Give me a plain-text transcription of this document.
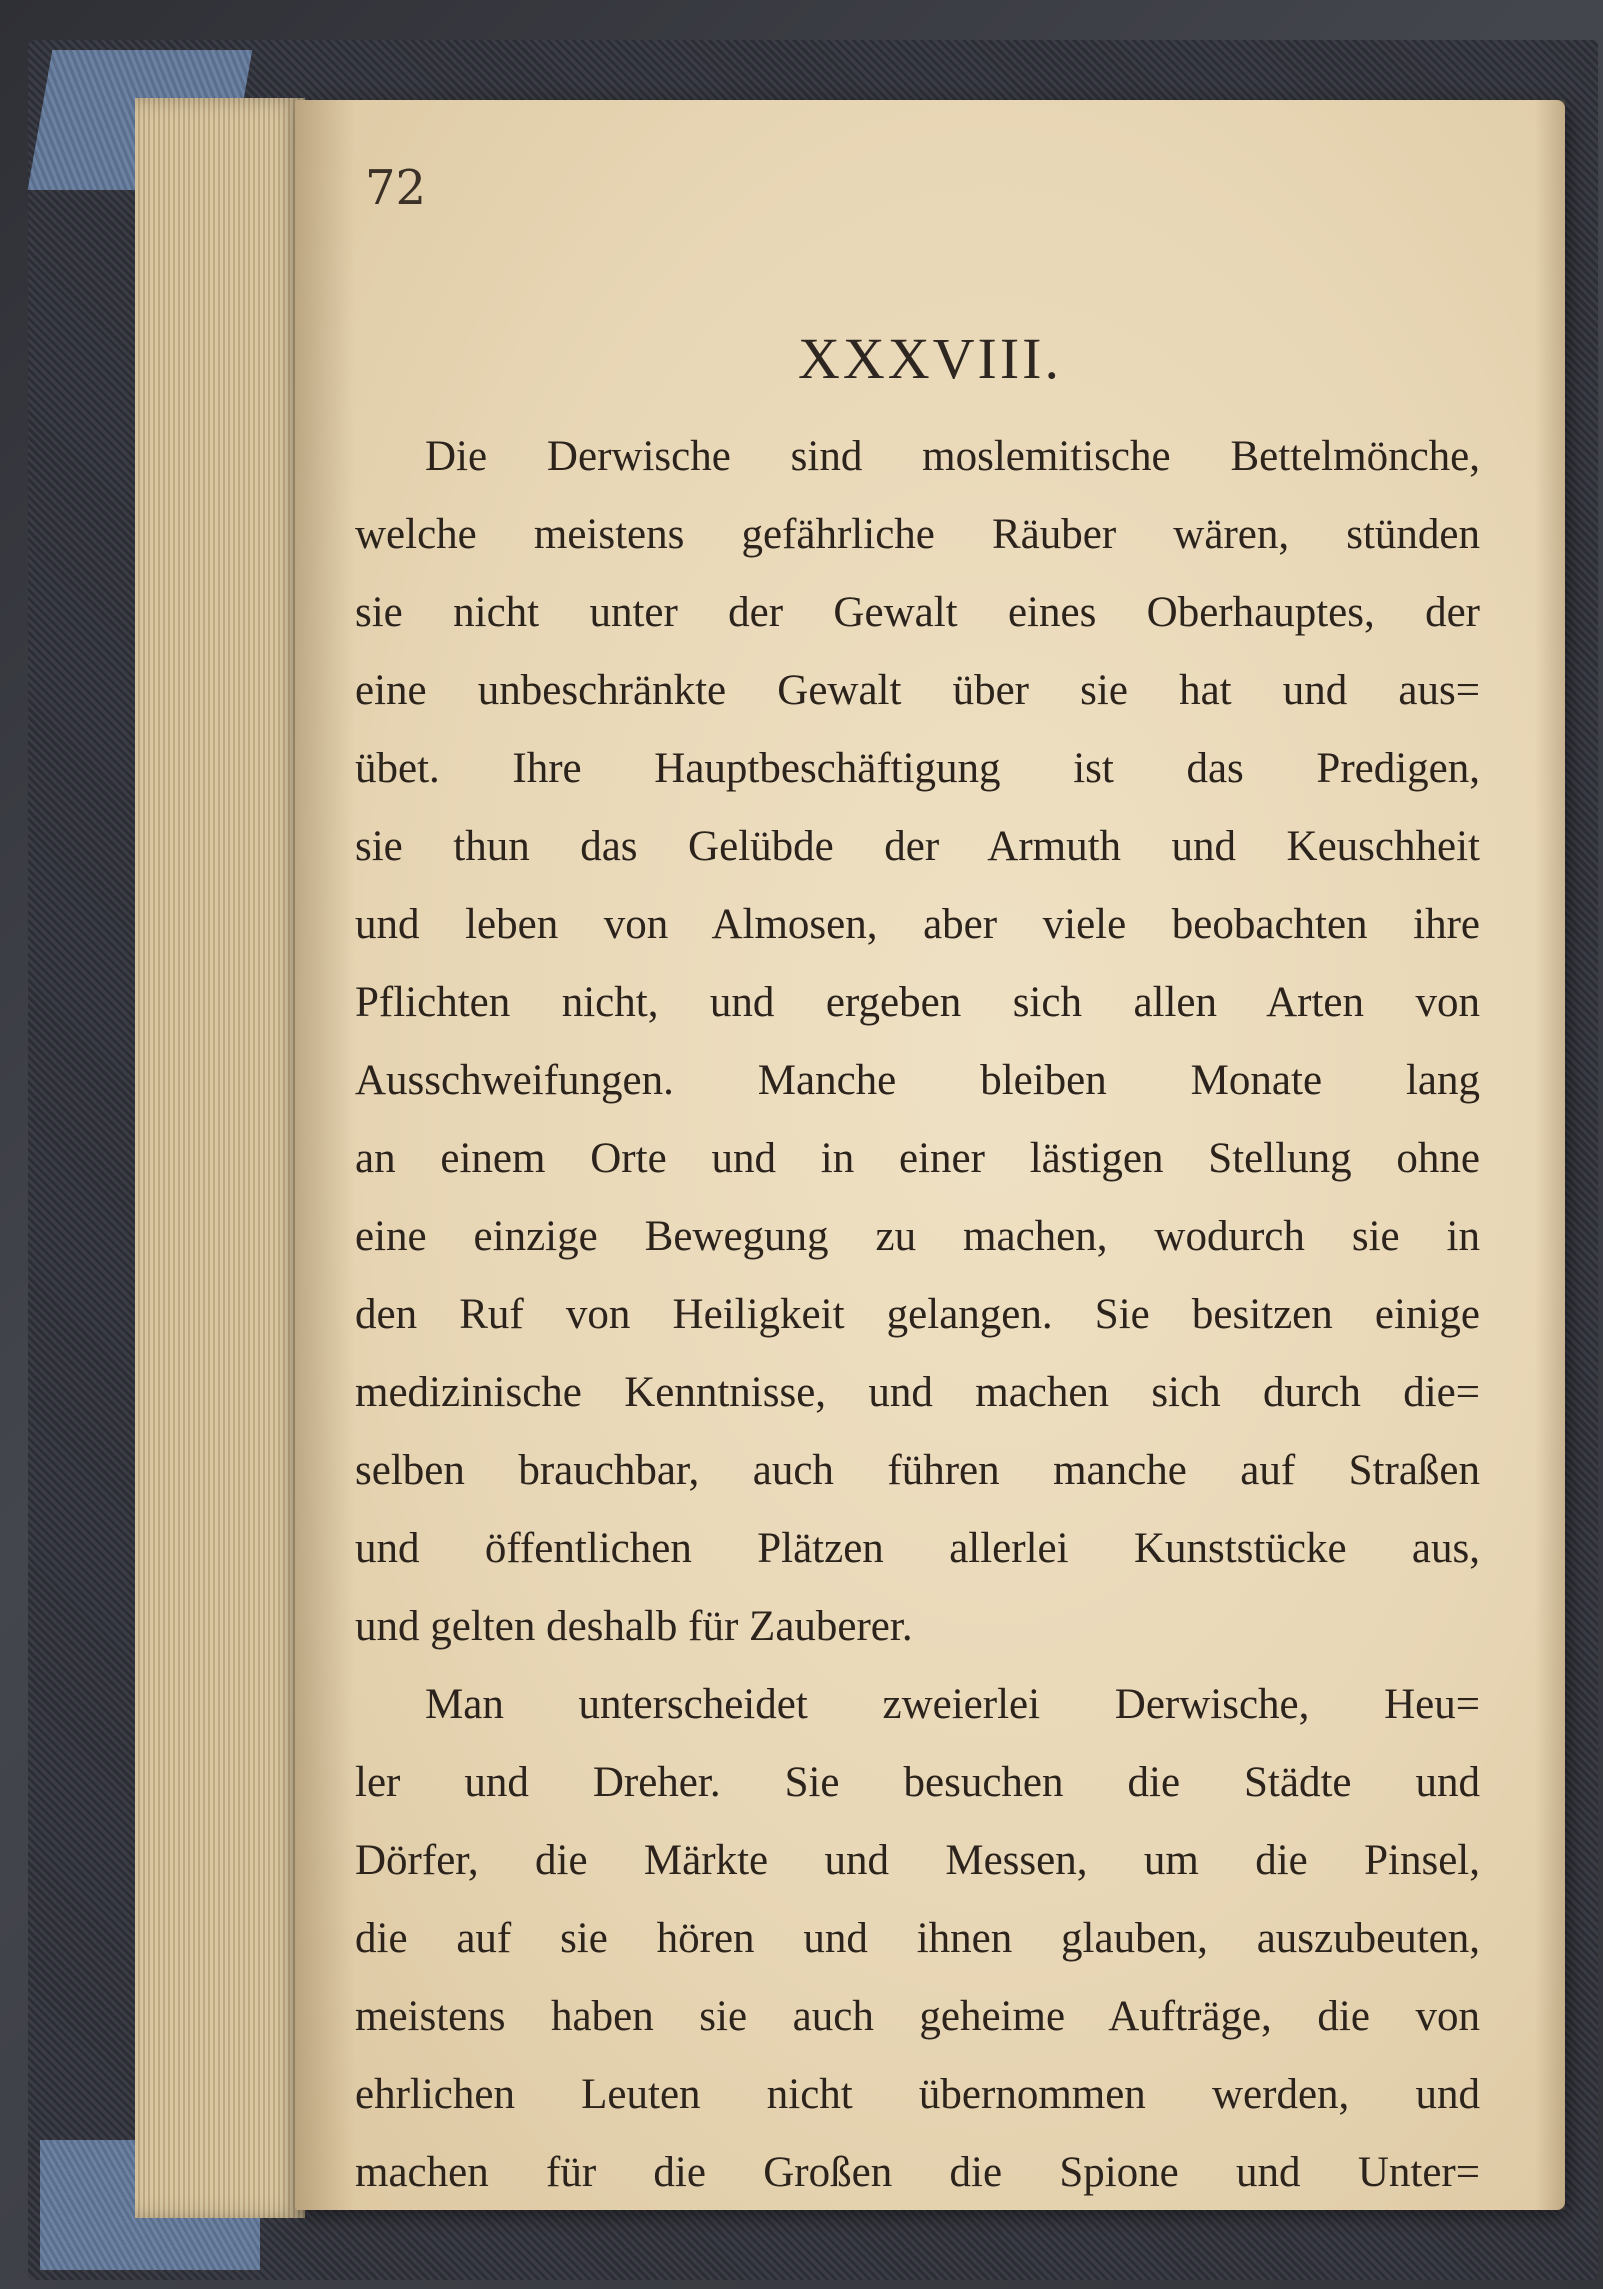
72
XXXVIII.
Die Derwische sind moslemitische Bettelmönche,
welche meistens gefährliche Räuber wären, stünden
sie nicht unter der Gewalt eines Oberhauptes, der
eine unbeschränkte Gewalt über sie hat und aus=
übet. Ihre Hauptbeschäftigung ist das Predigen,
sie thun das Gelübde der Armuth und Keuschheit
und leben von Almosen, aber viele beobachten ihre
Pflichten nicht, und ergeben sich allen Arten von
Ausschweifungen. Manche bleiben Monate lang
an einem Orte und in einer lästigen Stellung ohne
eine einzige Bewegung zu machen, wodurch sie in
den Ruf von Heiligkeit gelangen. Sie besitzen einige
medizinische Kenntnisse, und machen sich durch die=
selben brauchbar, auch führen manche auf Straßen
und öffentlichen Plätzen allerlei Kunststücke aus,
und gelten deshalb für Zauberer.
Man unterscheidet zweierlei Derwische, Heu=
ler und Dreher. Sie besuchen die Städte und
Dörfer, die Märkte und Messen, um die Pinsel,
die auf sie hören und ihnen glauben, auszubeuten,
meistens haben sie auch geheime Aufträge, die von
ehrlichen Leuten nicht übernommen werden, und
machen für die Großen die Spione und Unter=
